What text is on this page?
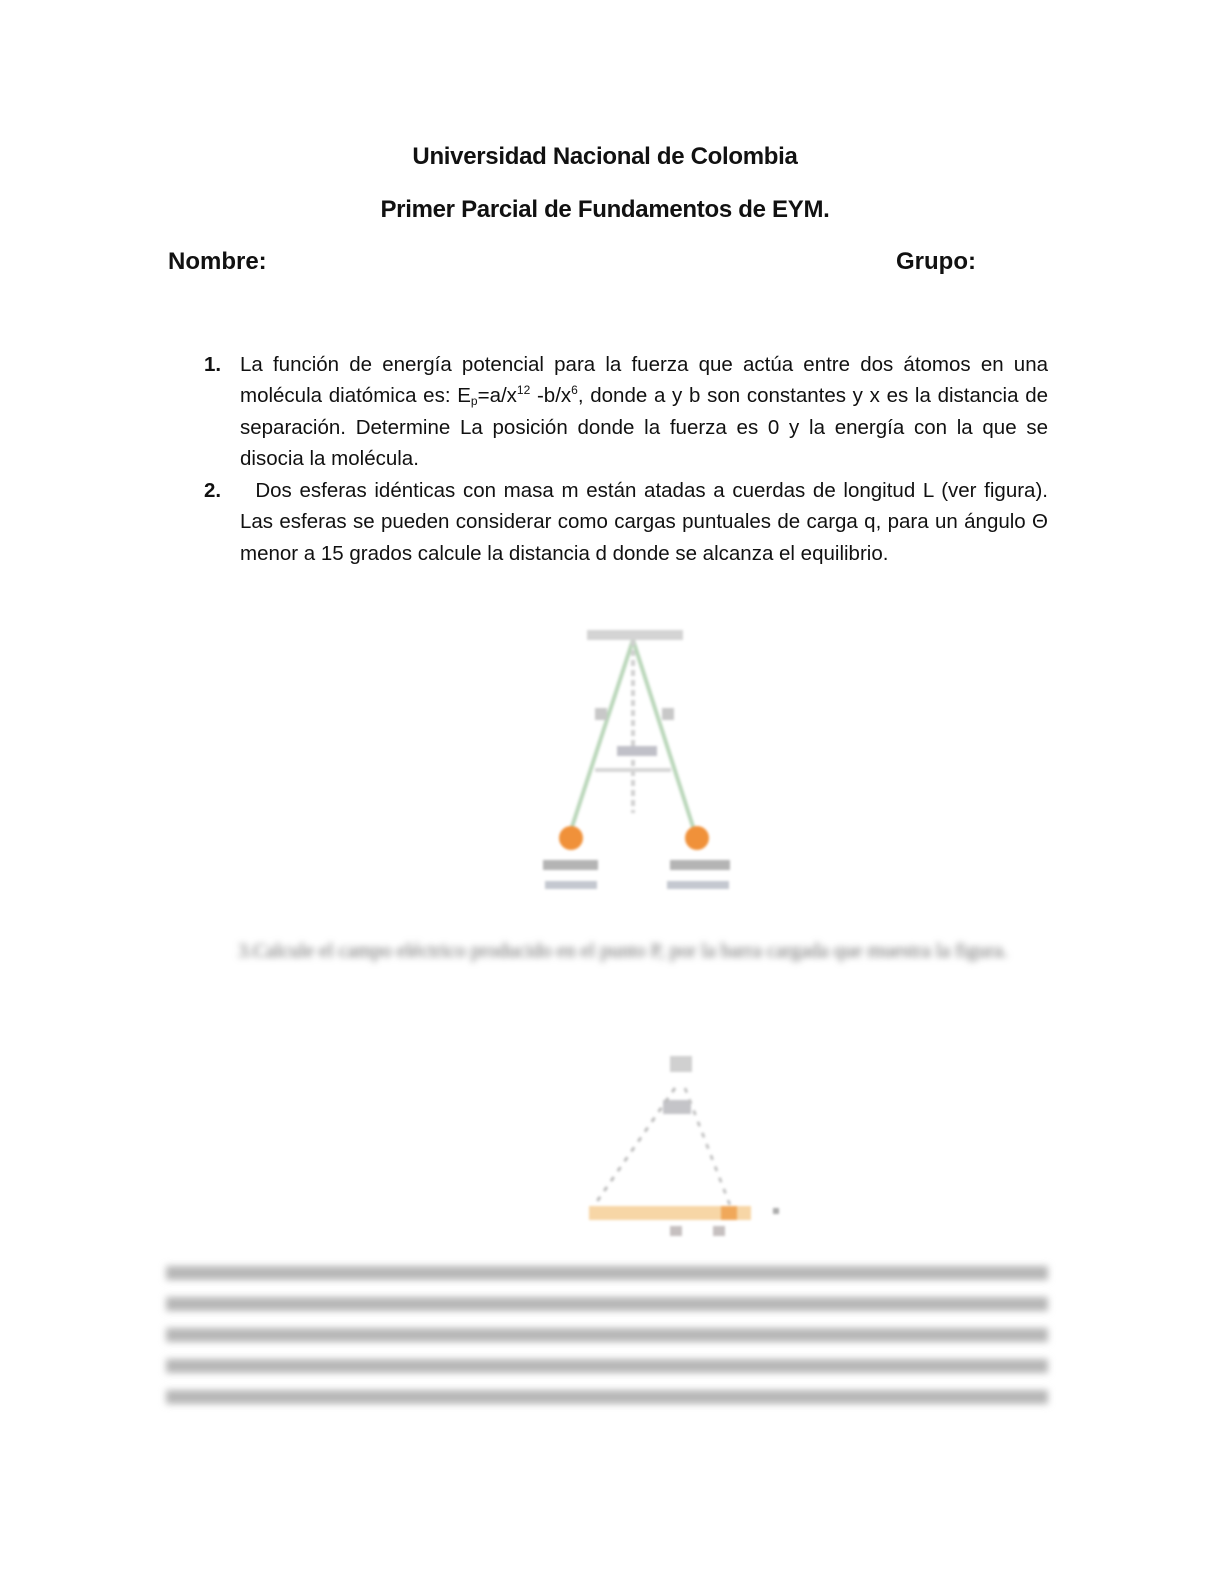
Universidad Nacional de Colombia
Primer Parcial de Fundamentos de EYM.
Nombre:	Grupo:
1. La función de energía potencial para la fuerza que actúa entre dos átomos en una molécula diatómica es: $E_p=a/x^{12}$ $-b/x^6$, donde a y b son constantes y x es la distancia de separación. Determine La posición donde la fuerza es 0 y la energía con la que se disocia la molécula.
2. Dos esferas idénticas con masa m están atadas a cuerdas de longitud L (ver figura). Las esferas se pueden considerar como cargas puntuales de carga q, para un ángulo Θ menor a 15 grados calcule la distancia d donde se alcanza el equilibrio.
3.Calcule el campo eléctrico producido en el punto P, por la barra cargada que muestra la figura.
